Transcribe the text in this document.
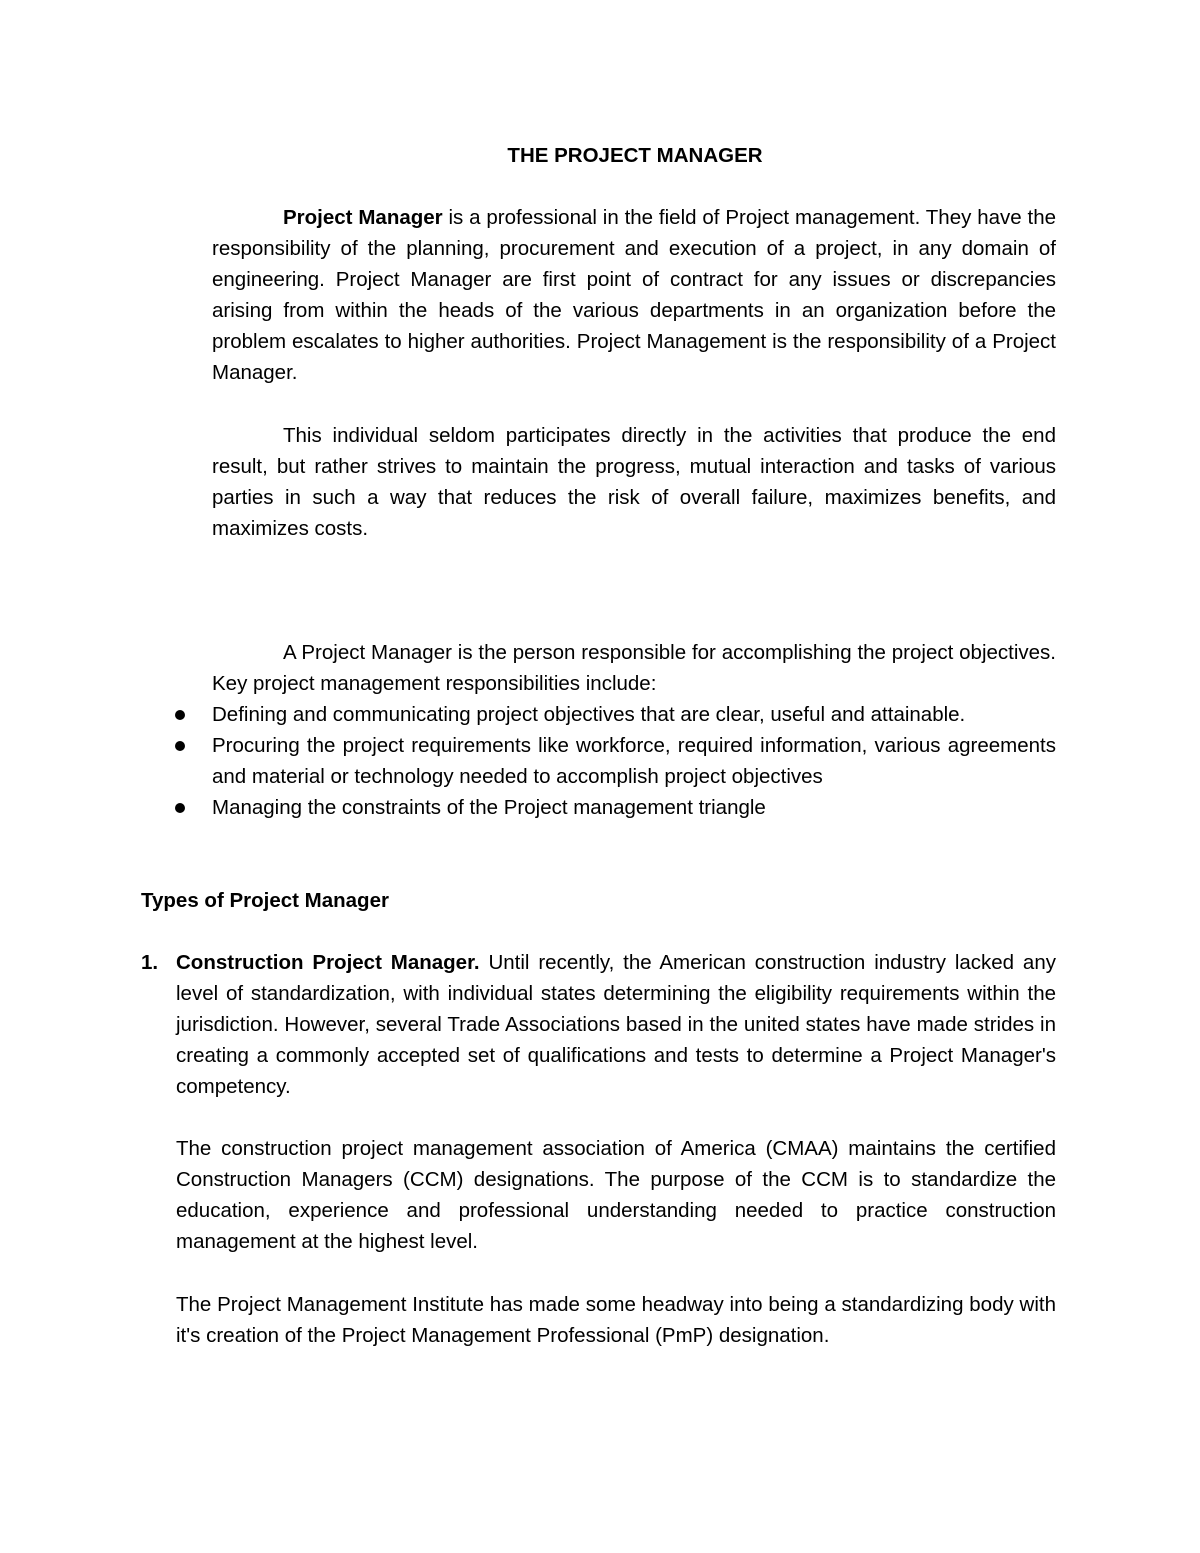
THE PROJECT MANAGER

Project Manager is a professional in the field of Project management. They have the responsibility of the planning, procurement and execution of a project, in any domain of engineering. Project Manager are first point of contract for any issues or discrepancies arising from within the heads of the various departments in an organization before the problem escalates to higher authorities. Project Management is the responsibility of a Project Manager.

This individual seldom participates directly in the activities that produce the end result, but rather strives to maintain the progress, mutual interaction and tasks of various parties in such a way that reduces the risk of overall failure, maximizes benefits, and maximizes costs.

A Project Manager is the person responsible for accomplishing the project objectives. Key project management responsibilities include:

Defining and communicating project objectives that are clear, useful and attainable.
Procuring the project requirements like workforce, required information, various agreements and material or technology needed to accomplish project objectives
Managing the constraints of the Project management triangle
Types of Project Manager
1. Construction Project Manager. Until recently, the American construction industry lacked any level of standardization, with individual states determining the eligibility requirements within the jurisdiction. However, several Trade Associations based in the united states have made strides in creating a commonly accepted set of qualifications and tests to determine a Project Manager's competency.

The construction project management association of America (CMAA) maintains the certified Construction Managers (CCM) designations. The purpose of the CCM is to standardize the education, experience and professional understanding needed to practice construction management at the highest level.

The Project Management Institute has made some headway into being a standardizing body with it's creation of the Project Management Professional (PmP) designation.
